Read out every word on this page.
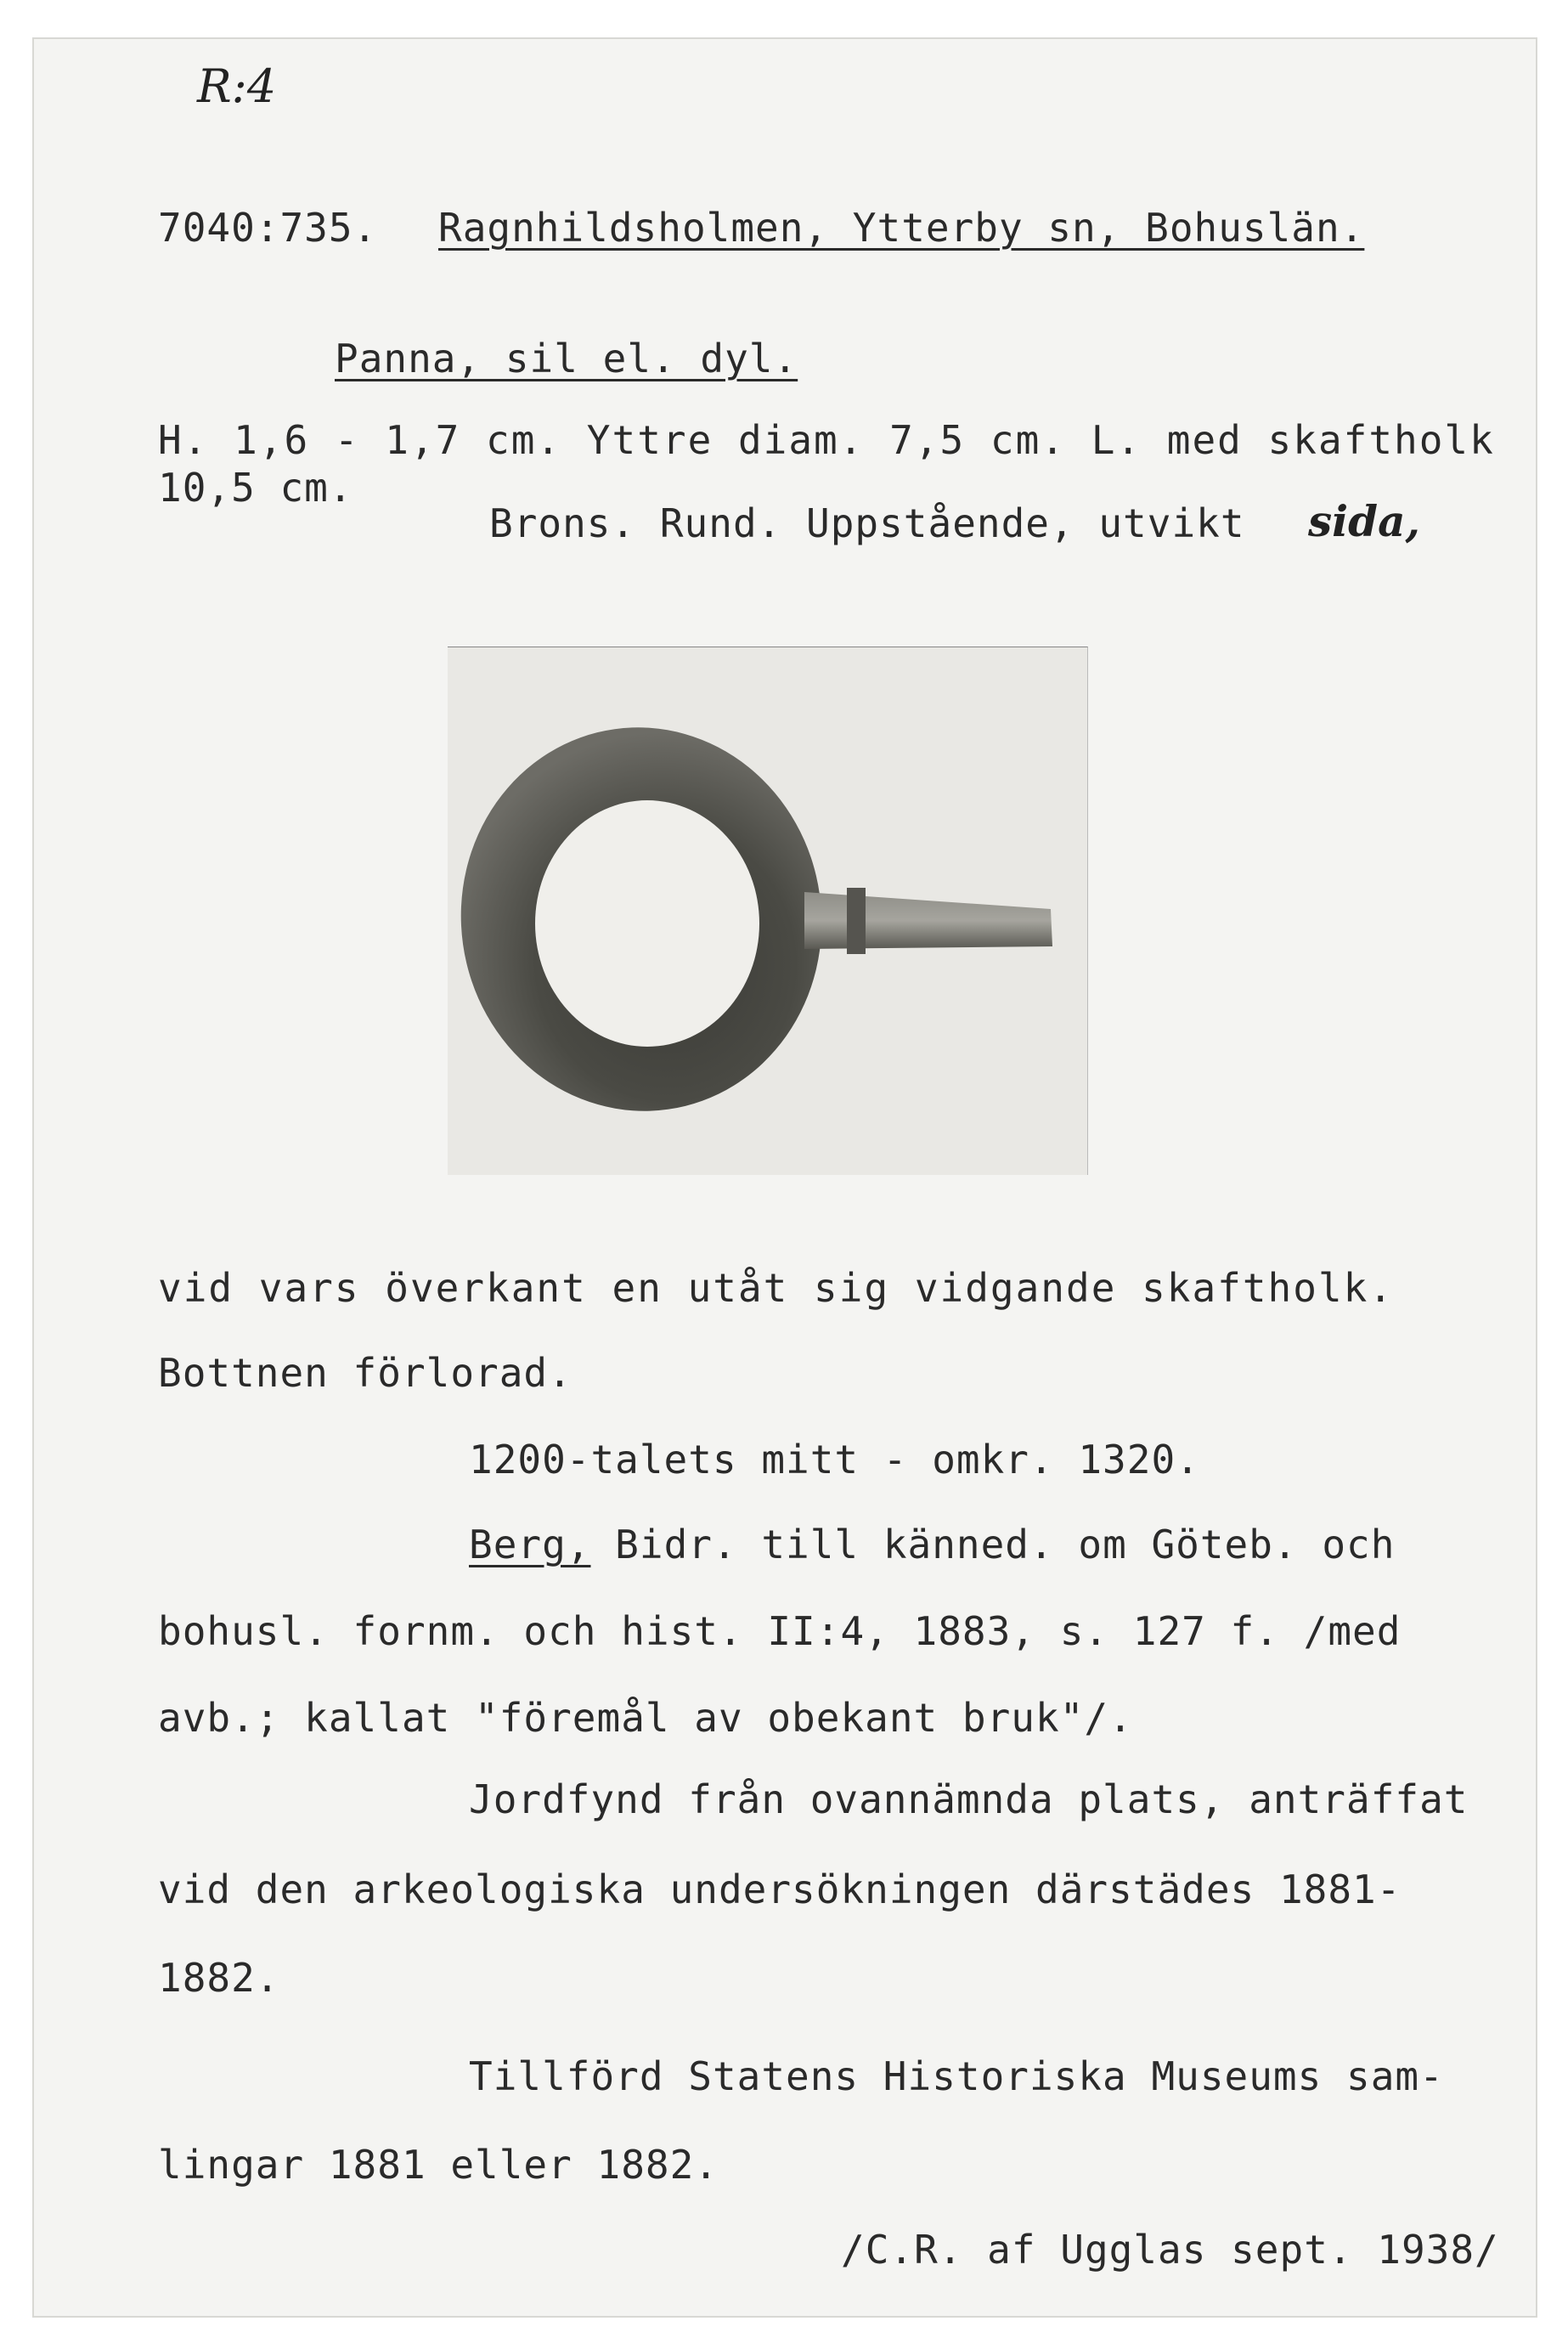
R:4
7040:735. Ragnhildsholmen, Ytterby sn, Bohuslän.
Panna, sil el. dyl.
H. 1,6 - 1,7 cm. Yttre diam. 7,5 cm. L. med skaftholk
10,5 cm.
Brons. Rund. Uppstående, utvikt sida,
vid vars överkant en utåt sig vidgande skaftholk.
Bottnen förlorad.
1200-talets mitt - omkr. 1320.
Berg, Bidr. till känned. om Göteb. och
bohusl. fornm. och hist. II:4, 1883, s. 127 f. /med
avb.; kallat "föremål av obekant bruk"/.
Jordfynd från ovannämnda plats, anträffat
vid den arkeologiska undersökningen därstädes 1881-
1882.
Tillförd Statens Historiska Museums sam-
lingar 1881 eller 1882.
/C.R. af Ugglas sept. 1938/
